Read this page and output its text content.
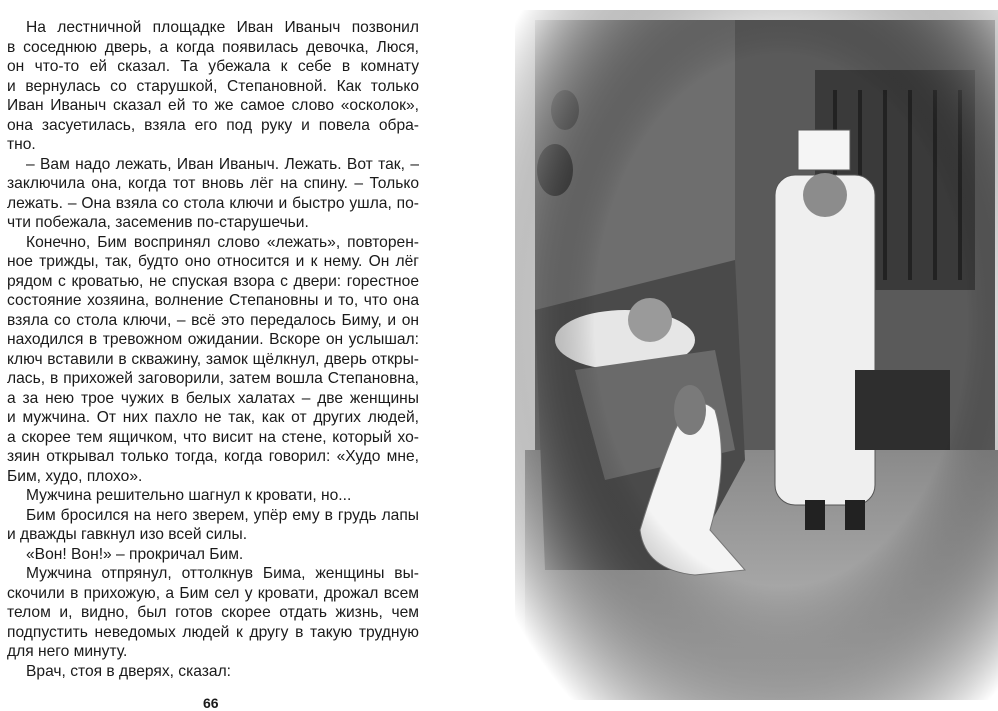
На лестничной площадке Иван Иваныч позвонил
в соседнюю дверь, а когда появилась девочка, Люся,
он что-то ей сказал. Та убежала к себе в комнату
и вернулась со старушкой, Степановной. Как только
Иван Иваныч сказал ей то же самое слово «осколок»,
она засуетилась, взяла его под руку и повела обра-
тно.
– Вам надо лежать, Иван Иваныч. Лежать. Вот так, –
заключила она, когда тот вновь лёг на спину. – Только
лежать. – Она взяла со стола ключи и быстро ушла, по-
чти побежала, засеменив по-старушечьи.
Конечно, Бим воспринял слово «лежать», повторен-
ное трижды, так, будто оно относится и к нему. Он лёг
рядом с кроватью, не спуская взора с двери: горестное
состояние хозяина, волнение Степановны и то, что она
взяла со стола ключи, – всё это передалось Биму, и он
находился в тревожном ожидании. Вскоре он услышал:
ключ вставили в скважину, замок щёлкнул, дверь откры-
лась, в прихожей заговорили, затем вошла Степановна,
а за нею трое чужих в белых халатах – две женщины
и мужчина. От них пахло не так, как от других людей,
а скорее тем ящичком, что висит на стене, который хо-
зяин открывал только тогда, когда говорил: «Худо мне,
Бим, худо, плохо».
Мужчина решительно шагнул к кровати, но...
Бим бросился на него зверем, упёр ему в грудь лапы
и дважды гавкнул изо всей силы.
«Вон! Вон!» – прокричал Бим.
Мужчина отпрянул, оттолкнув Бима, женщины вы-
скочили в прихожую, а Бим сел у кровати, дрожал всем
телом и, видно, был готов скорее отдать жизнь, чем
подпустить неведомых людей к другу в такую трудную
для него минуту.
Врач, стоя в дверях, сказал:
66
